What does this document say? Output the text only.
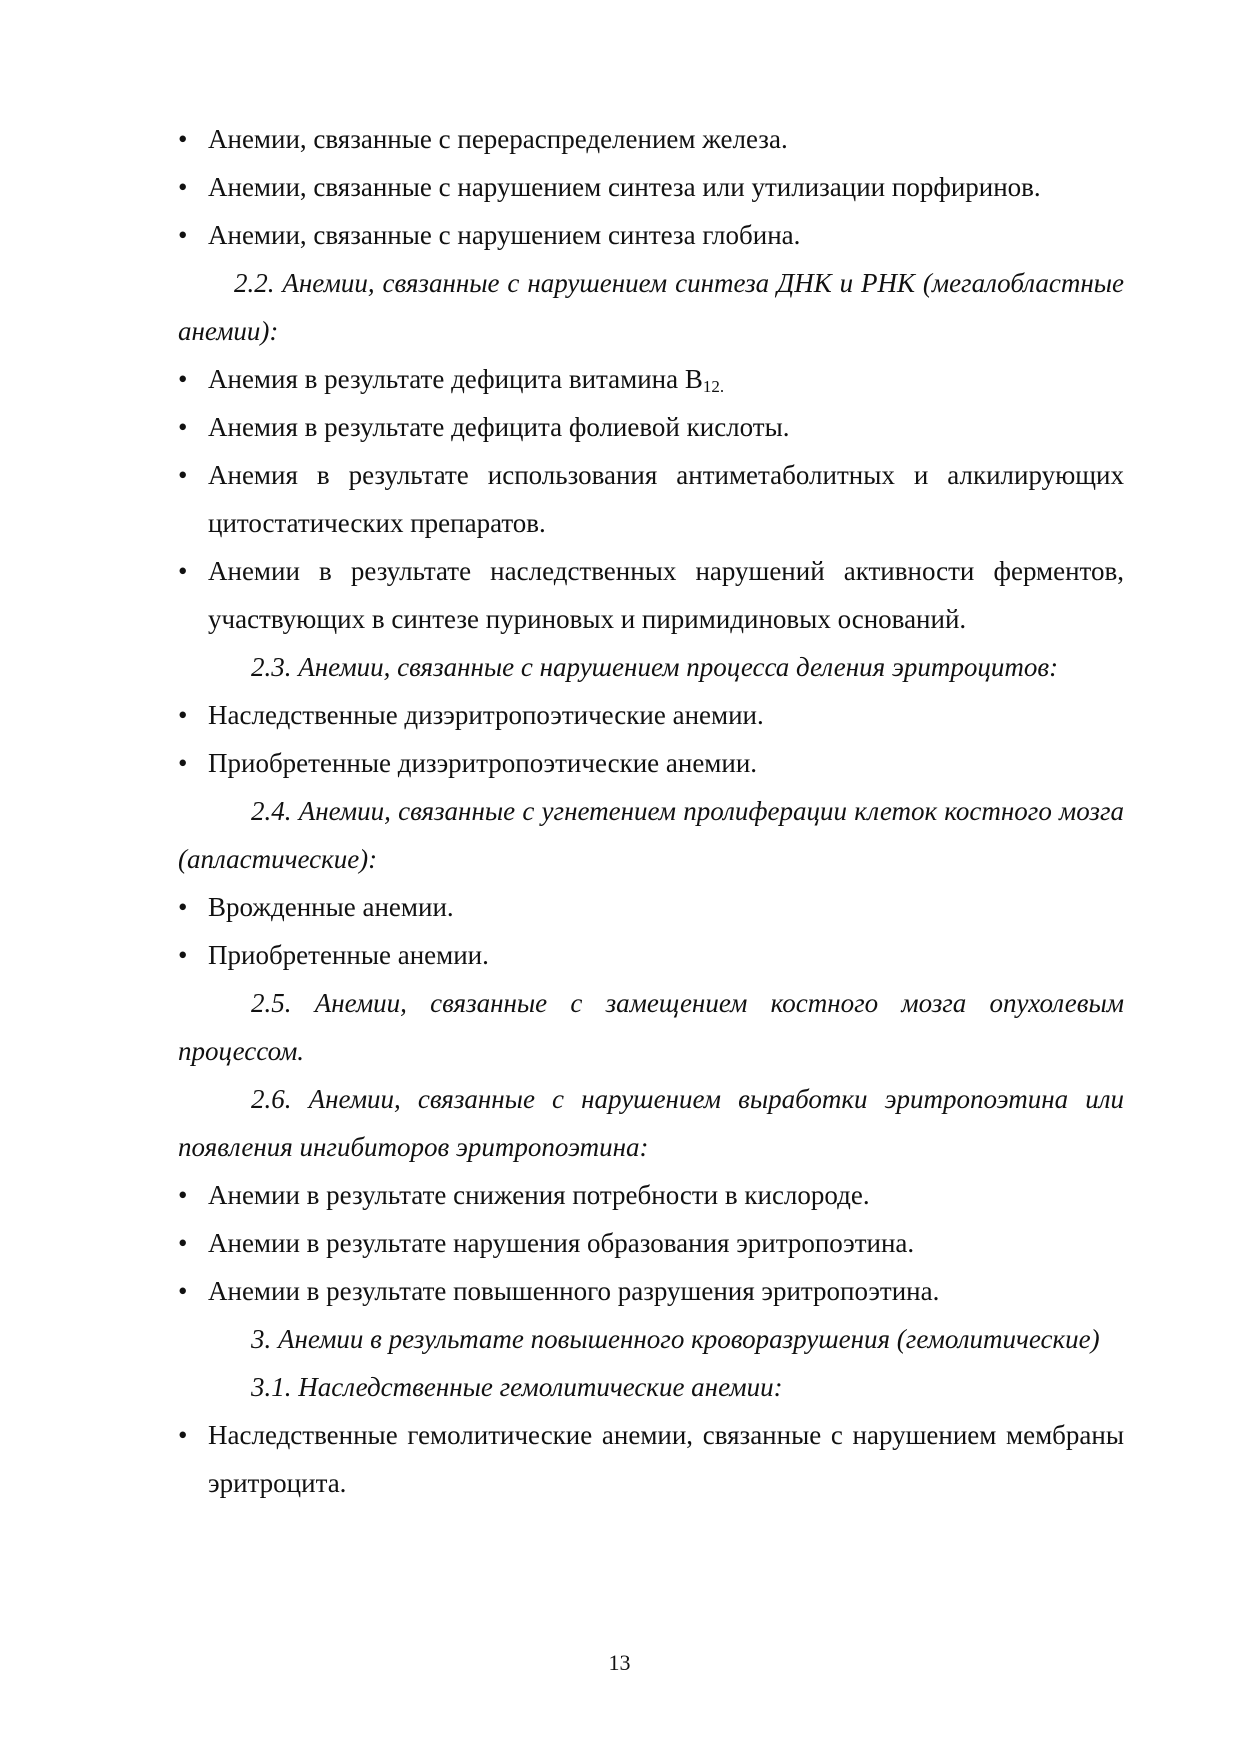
• Анемии, связанные с перераспределением железа.
• Анемии, связанные с нарушением синтеза или утилизации порфиринов.
• Анемии, связанные с нарушением синтеза глобина.
2.2. Анемии, связанные с нарушением синтеза ДНК и РНК (мегалобластные анемии):
• Анемия в результате дефицита витамина $В_{12.}$
• Анемия в результате дефицита фолиевой кислоты.
• Анемия в результате использования антиметаболитных и алкилирующих цитостатических препаратов.
• Анемии в результате наследственных нарушений активности ферментов, участвующих в синтезе пуриновых и пиримидиновых оснований.
2.3. Анемии, связанные с нарушением процесса деления эритроцитов:
• Наследственные дизэритропоэтические анемии.
• Приобретенные дизэритропоэтические анемии.
2.4. Анемии, связанные с угнетением пролиферации клеток костного мозга (апластические):
• Врожденные анемии.
• Приобретенные анемии.
2.5. Анемии, связанные с замещением костного мозга опухолевым процессом.
2.6. Анемии, связанные с нарушением выработки эритропоэтина или появления ингибиторов эритропоэтина:
• Анемии в результате снижения потребности в кислороде.
• Анемии в результате нарушения образования эритропоэтина.
• Анемии в результате повышенного разрушения эритропоэтина.
3. Анемии в результате повышенного кроворазрушения (гемолитические)
3.1. Наследственные гемолитические анемии:
• Наследственные гемолитические анемии, связанные с нарушением мембраны эритроцита.
13
